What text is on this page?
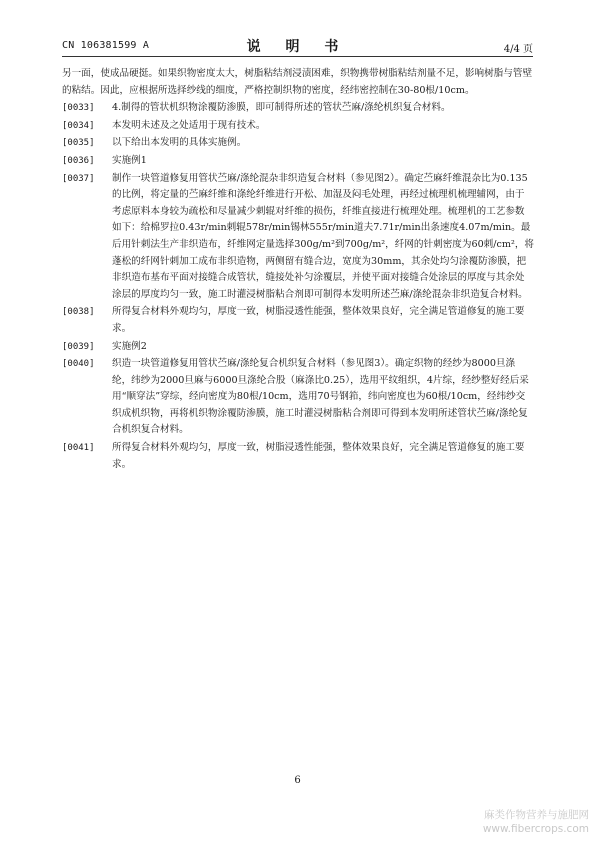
CN 106381599 A	说 明 书	4/4 页

另一面，使成品硬挺。如果织物密度太大，树脂粘结剂浸渍困难，织物携带树脂粘结剂量不足，影响树脂与管壁的粘结。因此，应根据所选择纱线的细度，严格控制织物的密度，经纬密控制在30-80根/10cm。

[0033] 4.制得的管状机织物涂覆防渗膜，即可制得所述的管状苎麻/涤纶机织复合材料。

[0034] 本发明未述及之处适用于现有技术。

[0035] 以下给出本发明的具体实施例。

[0036] 实施例1

[0037] 制作一块管道修复用管状苎麻/涤纶混杂非织造复合材料（参见图2）。确定苎麻纤维混杂比为0.135的比例，将定量的苎麻纤维和涤纶纤维进行开松、加湿及闷毛处理，再经过梳理机梳理辅网，由于考虑原料本身较为疏松和尽量减少刺辊对纤维的损伤，纤维直接进行梳理处理。梳理机的工艺参数如下：给棉罗拉0.43r/min刺辊578r/min锡林555r/min道夫7.71r/min出条速度4.07m/min。最后用针刺法生产非织造布，纤维网定量选择300g/m²到700g/m²，纤网的针刺密度为60刺/cm²，将蓬松的纤网针刺加工成布非织造物，两侧留有缝合边，宽度为30mm，其余处均匀涂覆防渗膜，把非织造布基布平面对接缝合成管状，缝接处补匀涂覆层，并使平面对接缝合处涂层的厚度与其余处涂层的厚度均匀一致，施工时灌浸树脂粘合剂即可制得本发明所述苎麻/涤纶混杂非织造复合材料。

[0038] 所得复合材料外观均匀，厚度一致，树脂浸透性能强，整体效果良好，完全满足管道修复的施工要求。

[0039] 实施例2

[0040] 织造一块管道修复用管状苎麻/涤纶复合机织复合材料（参见图3）。确定织物的经纱为8000旦涤纶，纬纱为2000旦麻与6000旦涤纶合股（麻涤比0.25），选用平纹组织，4片综，经纱整好经后采用“顺穿法”穿综，经向密度为80根/10cm，选用70号钢筘，纬向密度也为60根/10cm，经纬纱交织成机织物，再将机织物涂覆防渗膜，施工时灌浸树脂粘合剂即可得到本发明所述管状苎麻/涤纶复合机织复合材料。

[0041] 所得复合材料外观均匀，厚度一致，树脂浸透性能强，整体效果良好，完全满足管道修复的施工要求。

6
麻类作物营养与施肥网
www.fibercrops.com
